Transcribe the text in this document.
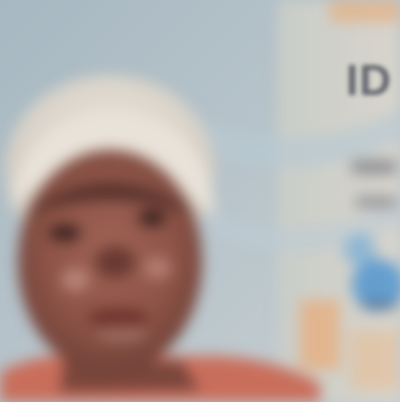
ID
